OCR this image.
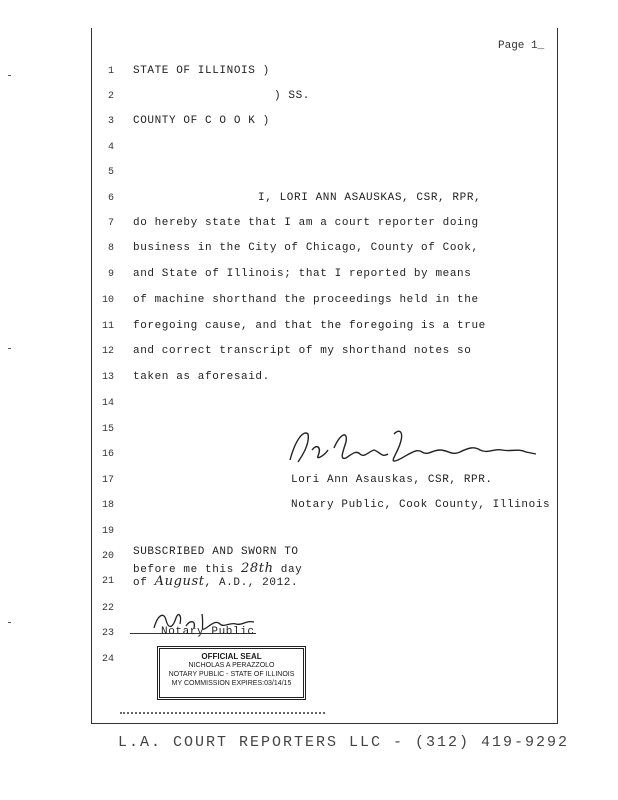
Page 1_
1
2
3
4
5
6
7
8
9
10
11
12
13
14
15
16
17
18
19
20
21
22
23
24
STATE OF ILLINOIS )
) SS.
COUNTY OF C O O K )
I, LORI ANN ASAUSKAS, CSR, RPR,
do hereby state that I am a court reporter doing
business in the City of Chicago, County of Cook,
and State of Illinois; that I reported by means
of machine shorthand the proceedings held in the
foregoing cause, and that the foregoing is a true
and correct transcript of my shorthand notes so
taken as aforesaid.
Lori Ann Asauskas, CSR, RPR.
Notary Public, Cook County, Illinois
SUBSCRIBED AND SWORN TO
before me this 28th day
of August, A.D., 2012.
Notary Public
OFFICIAL SEAL
NICHOLAS A PERAZZOLO
NOTARY PUBLIC - STATE OF ILLINOIS
MY COMMISSION EXPIRES:03/14/15
L.A. COURT REPORTERS LLC - (312) 419-9292
